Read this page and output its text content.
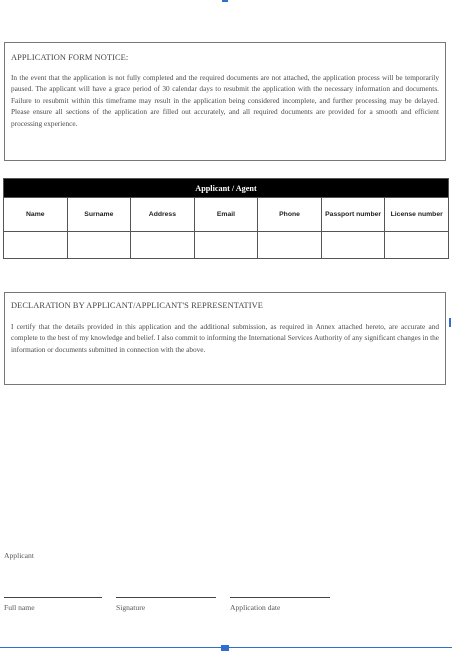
APPLICATION FORM NOTICE:
In the event that the application is not fully completed and the required documents are not attached, the application process will be temporarily paused. The applicant will have a grace period of 30 calendar days to resubmit the application with the necessary information and documents. Failure to resubmit within this timeframe may result in the application being considered incomplete, and further processing may be delayed. Please ensure all sections of the application are filled out accurately, and all required documents are provided for a smooth and efficient processing experience.
Applicant / Agent						
Name	Surname	Address	Email	Phone	Passport number	License number

DECLARATION BY APPLICANT/APPLICANT'S REPRESENTATIVE
I certify that the details provided in this application and the additional submission, as required in Annex attached hereto, are accurate and complete to the best of my knowledge and belief. I also commit to informing the International Services Authority of any significant changes in the information or documents submitted in connection with the above.
Applicant
Full name	Signature	Application date
